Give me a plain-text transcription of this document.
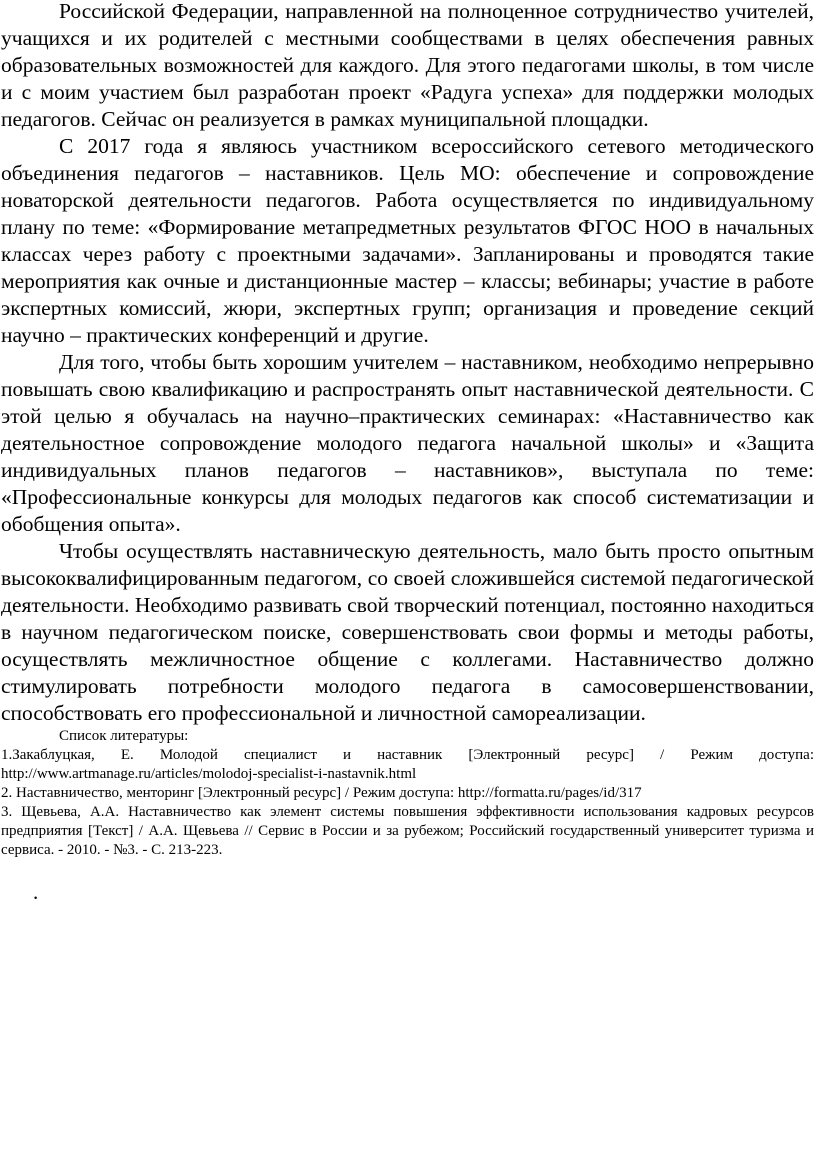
Российской Федерации, направленной на полноценное сотрудничество учителей, учащихся и их родителей с местными сообществами в целях обеспечения равных образовательных возможностей для каждого. Для этого педагогами школы, в том числе и с моим участием был разработан проект «Радуга успеха» для поддержки молодых педагогов. Сейчас он реализуется в рамках муниципальной площадки.

С 2017 года я являюсь участником всероссийского сетевого методического объединения педагогов – наставников. Цель МО: обеспечение и сопровождение новаторской деятельности педагогов. Работа осуществляется по индивидуальному плану по теме: «Формирование метапредметных результатов ФГОС НОО в начальных классах через работу с проектными задачами». Запланированы и проводятся такие мероприятия как очные и дистанционные мастер – классы; вебинары; участие в работе экспертных комиссий, жюри, экспертных групп; организация и проведение секций научно – практических конференций и другие.

Для того, чтобы быть хорошим учителем – наставником, необходимо непрерывно повышать свою квалификацию и распространять опыт наставнической деятельности. С этой целью я обучалась на научно–практических семинарах: «Наставничество как деятельностное сопровождение молодого педагога начальной школы» и «Защита индивидуальных планов педагогов – наставников», выступала по теме: «Профессиональные конкурсы для молодых педагогов как способ систематизации и обобщения опыта».

Чтобы осуществлять наставническую деятельность, мало быть просто опытным высококвалифицированным педагогом, со своей сложившейся системой педагогической деятельности. Необходимо развивать свой творческий потенциал, постоянно находиться в научном педагогическом поиске, совершенствовать свои формы и методы работы, осуществлять межличностное общение с коллегами. Наставничество должно стимулировать потребности молодого педагога в самосовершенствовании, способствовать его профессиональной и личностной самореализации.

Список литературы:

1.Закаблуцкая, Е. Молодой специалист и наставник [Электронный ресурс] / Режим доступа: http://www.artmanage.ru/articles/molodoj-specialist-i-nastavnik.html

2. Наставничество, менторинг [Электронный ресурс] / Режим доступа: http://formatta.ru/pages/id/317

3. Щевьева, А.А. Наставничество как элемент системы повышения эффективности использования кадровых ресурсов предприятия [Текст] / А.А. Щевьева // Сервис в России и за рубежом; Российский государственный университет туризма и сервиса. - 2010. - №3. - С. 213-223.

.
